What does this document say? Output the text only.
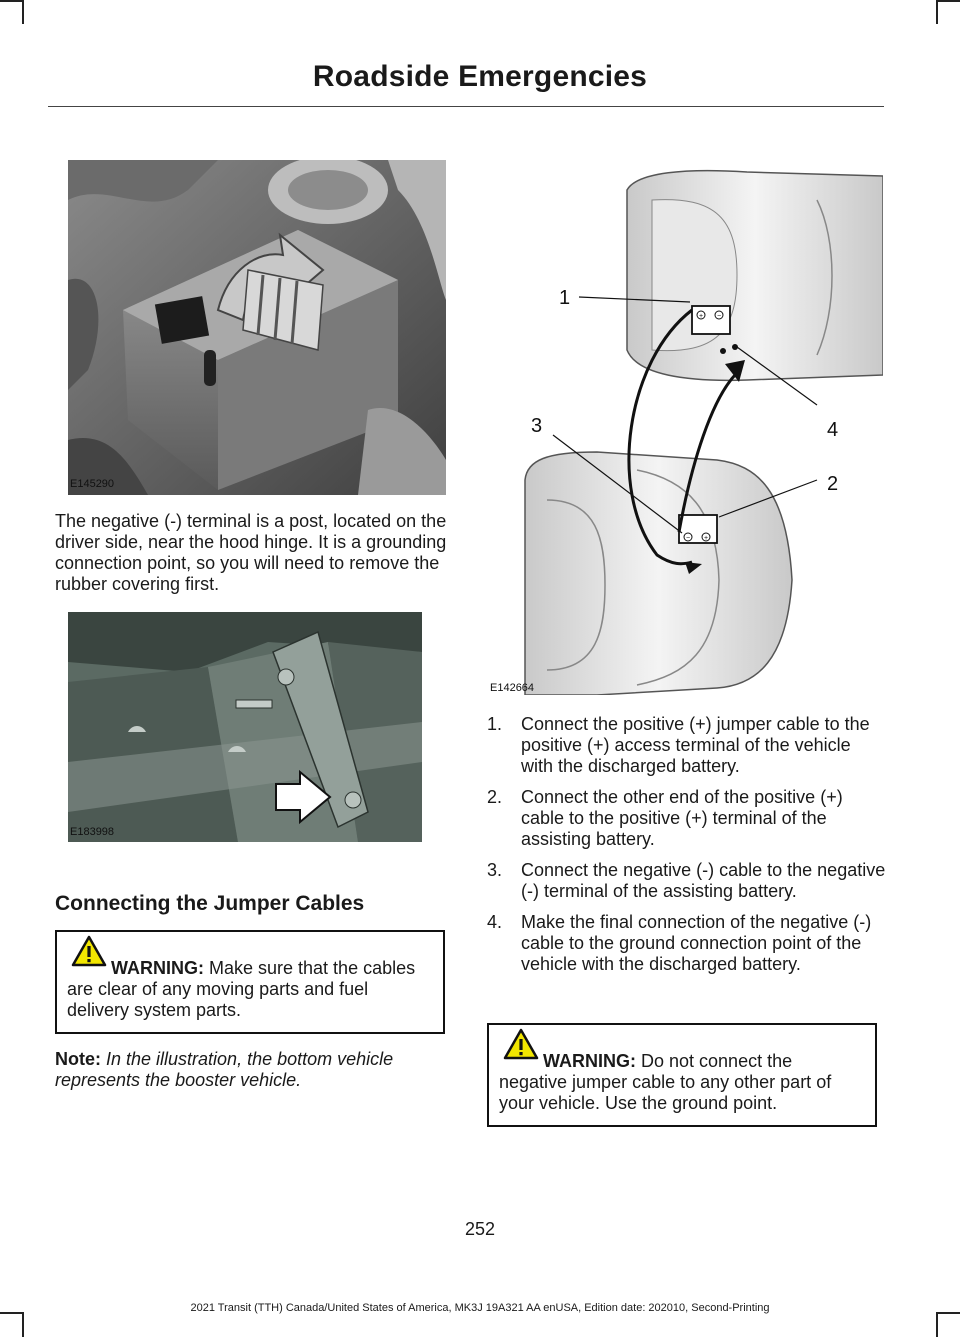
Roadside Emergencies
E145290
The negative (-) terminal is a post, located on the driver side, near the hood hinge. It is a grounding connection point, so you will need to remove the rubber covering first.
E183998
Connecting the Jumper Cables
WARNING: Make sure that the cables are clear of any moving parts and fuel delivery system parts.
Note: In the illustration, the bottom vehicle represents the booster vehicle.
+ −
− +
1
2
3	4
E142664
1. Connect the positive (+) jumper cable to the positive (+) access terminal of the vehicle with the discharged battery.
2. Connect the other end of the positive (+) cable to the positive (+) terminal of the assisting battery.
3. Connect the negative (-) cable to the negative (-) terminal of the assisting battery.
4. Make the final connection of the negative (-) cable to the ground connection point of the vehicle with the discharged battery.
WARNING: Do not connect the negative jumper cable to any other part of your vehicle. Use the ground point.
252
2021 Transit (TTH) Canada/United States of America, MK3J 19A321 AA enUSA, Edition date: 202010, Second-Printing
